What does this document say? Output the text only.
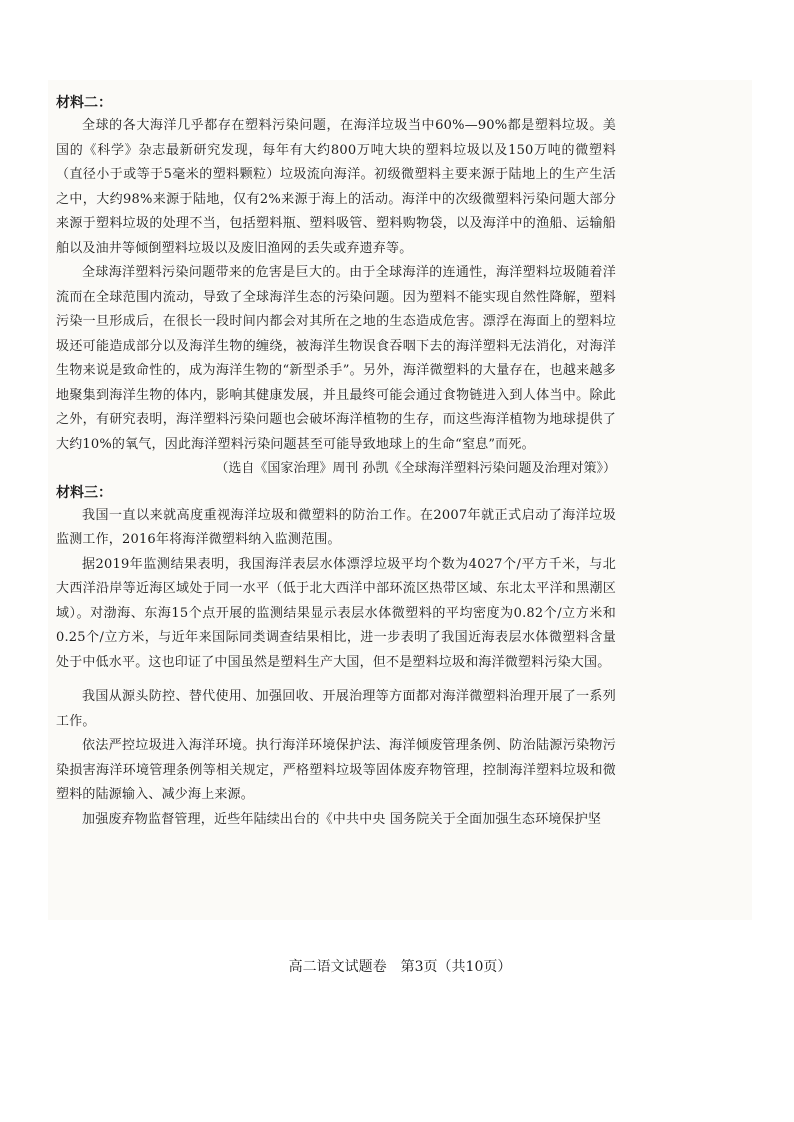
高二语文试题卷　第3页（共10页）

材料二：

全球的各大海洋几乎都存在塑料污染问题，在海洋垃圾当中60%—90%都是塑料垃圾。美国的《科学》杂志最新研究发现，每年有大约800万吨大块的塑料垃圾以及150万吨的微塑料（直径小于或等于5毫米的塑料颗粒）垃圾流向海洋。初级微塑料主要来源于陆地上的生产生活之中，大约98%来源于陆地，仅有2%来源于海上的活动。海洋中的次级微塑料污染问题大部分来源于塑料垃圾的处理不当，包括塑料瓶、塑料吸管、塑料购物袋，以及海洋中的渔船、运输船舶以及油井等倾倒塑料垃圾以及废旧渔网的丢失或弃遗弃等。

全球海洋塑料污染问题带来的危害是巨大的。由于全球海洋的连通性，海洋塑料垃圾随着洋流而在全球范围内流动，导致了全球海洋生态的污染问题。因为塑料不能实现自然性降解，塑料污染一旦形成后，在很长一段时间内都会对其所在之地的生态造成危害。漂浮在海面上的塑料垃圾还可能造成部分以及海洋生物的缠绕，被海洋生物误食吞咽下去的海洋塑料无法消化，对海洋生物来说是致命性的，成为海洋生物的“新型杀手”。另外，海洋微塑料的大量存在，也越来越多地聚集到海洋生物的体内，影响其健康发展，并且最终可能会通过食物链进入到人体当中。除此之外，有研究表明，海洋塑料污染问题也会破坏海洋植物的生存，而这些海洋植物为地球提供了大约10%的氧气，因此海洋塑料污染问题甚至可能导致地球上的生命“窒息”而死。

（选自《国家治理》周刊 孙凯《全球海洋塑料污染问题及治理对策》）

材料三：

我国一直以来就高度重视海洋垃圾和微塑料的防治工作。在2007年就正式启动了海洋垃圾监测工作，2016年将海洋微塑料纳入监测范围。

据2019年监测结果表明，我国海洋表层水体漂浮垃圾平均个数为4027个/平方千米，与北大西洋沿岸等近海区域处于同一水平（低于北大西洋中部环流区热带区域、东北太平洋和黑潮区域）。对渤海、东海15个点开展的监测结果显示表层水体微塑料的平均密度为0.82个/立方米和0.25个/立方米，与近年来国际同类调查结果相比，进一步表明了我国近海表层水体微塑料含量处于中低水平。这也印证了中国虽然是塑料生产大国，但不是塑料垃圾和海洋微塑料污染大国。

我国从源头防控、替代使用、加强回收、开展治理等方面都对海洋微塑料治理开展了一系列工作。

依法严控垃圾进入海洋环境。执行海洋环境保护法、海洋倾废管理条例、防治陆源污染物污染损害海洋环境管理条例等相关规定，严格塑料垃圾等固体废弃物管理，控制海洋塑料垃圾和微塑料的陆源输入、减少海上来源。

加强废弃物监督管理，近些年陆续出台的《中共中央 国务院关于全面加强生态环境保护坚
